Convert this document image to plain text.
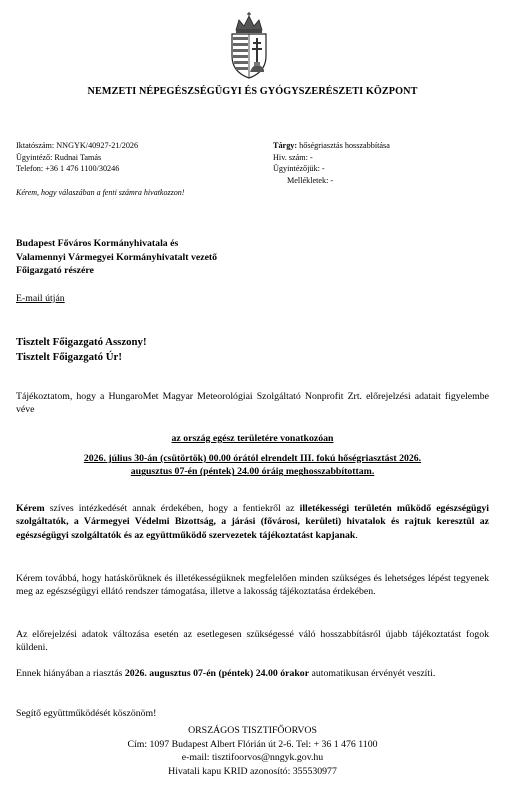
NEMZETI NÉPEGÉSZSÉGÜGYI ÉS GYÓGYSZERÉSZETI KÖZPONT
Iktatószám: NNGYK/40927-21/2026
Ügyintéző: Rudnai Tamás
Telefon: +36 1 476 1100/30246
Tárgy: hőségriasztás hosszabbítása
Hiv. szám: -
Ügyintézőjük: -
Mellékletek: -
Kérem, hogy válaszában a fenti számra hivatkozzon!
Budapest Főváros Kormányhivatala és
Valamennyi Vármegyei Kormányhivatalt vezető
Főigazgató részére
E-mail útján
Tisztelt Főigazgató Asszony!
Tisztelt Főigazgató Úr!
Tájékoztatom, hogy a HungaroMet Magyar Meteorológiai Szolgáltató Nonprofit Zrt. előrejelzési adatait figyelembe véve
az ország egész területére vonatkozóan
2026. július 30-án (csütörtök) 00.00 órától elrendelt III. fokú hőségriasztást 2026.
augusztus 07-én (péntek) 24.00 óráig meghosszabbítottam.
Kérem szíves intézkedését annak érdekében, hogy a fentiekről az illetékességi területén működő egészségügyi szolgáltatók, a Vármegyei Védelmi Bizottság, a járási (fővárosi, kerületi) hivatalok és rajtuk keresztül az egészségügyi szolgáltatók és az együttműködő szervezetek tájékoztatást kapjanak.
Kérem továbbá, hogy hatáskörüknek és illetékességüknek megfelelően minden szükséges és lehetséges lépést tegyenek meg az egészségügyi ellátó rendszer támogatása, illetve a lakosság tájékoztatása érdekében.
Az előrejelzési adatok változása esetén az esetlegesen szükségessé váló hosszabbításról újabb tájékoztatást fogok küldeni.
Ennek hiányában a riasztás 2026. augusztus 07-én (péntek) 24.00 órakor automatikusan érvényét veszíti.
Segítő együttműködését köszönöm!
ORSZÁGOS TISZTIFŐORVOS
Cím: 1097 Budapest Albert Flórián út 2-6. Tel: + 36 1 476 1100
e-mail: tisztifoorvos@nngyk.gov.hu
Hivatali kapu KRID azonosító: 355530977
